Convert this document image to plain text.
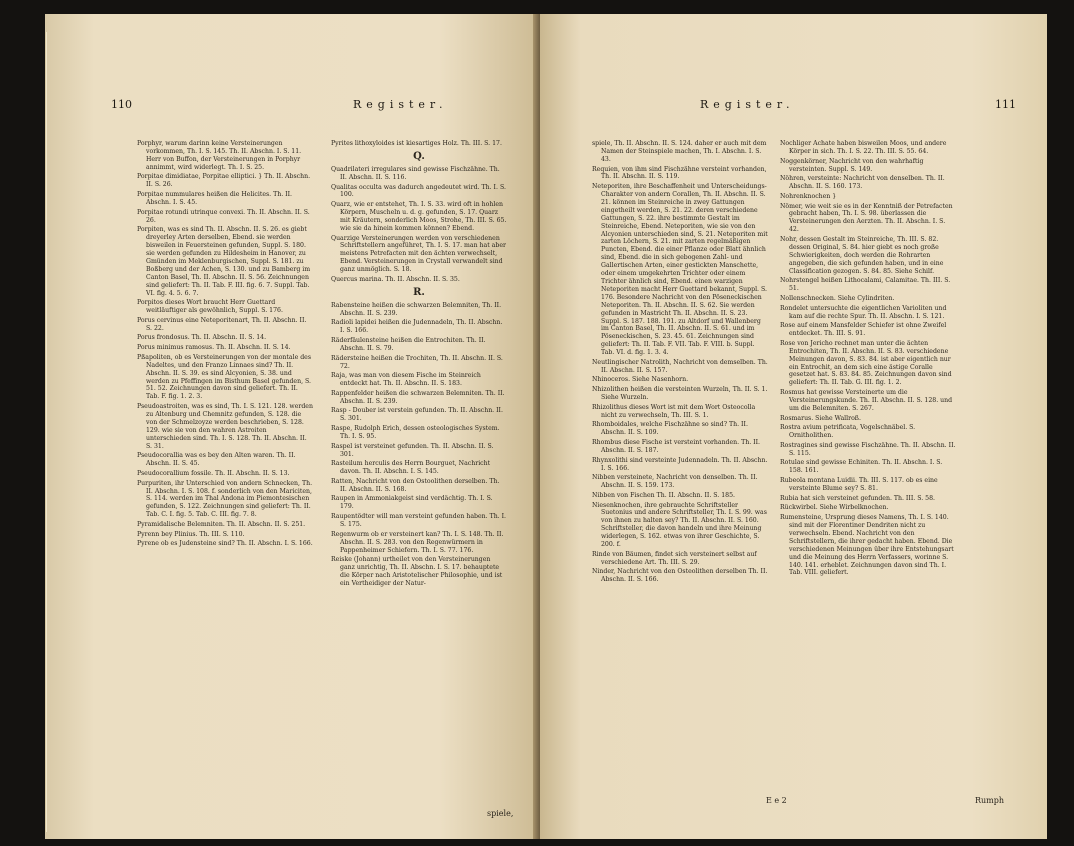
110	Register.
Porphyr, warum darinn keine Versteinerungen vorkommen, Th. I. S. 145. Th. II. Abschn. I. S. 11. Herr von Buffon, der Versteinerungen in Porphyr annimmt, wird widerlegt. Th. I. S. 25.
Porpitae dimidiatae, Porpitae elliptici. } Th. II. Abschn. II. S. 26.
Porpitae nummulares heißen die Helicites. Th. II. Abschn. I. S. 45.
Porpitae rotundi utrinque convexi. Th. II. Abschn. II. S. 26.
Porpiten, was es sind Th. II. Abschn. II. S. 26. es giebt dreyerley Arten derselben, Ebend. sie werden bisweilen in Feuersteinen gefunden, Suppl. S. 180. sie werden gefunden zu Hildesheim in Hanover, zu Gmünden im Meklenburgischen, Suppl. S. 181. zu Boßberg und der Achen, S. 130. und zu Bamberg im Canton Basel, Th. II. Abschn. II. S. 56. Zeichnungen sind geliefert: Th. II. Tab. F. III. fig. 6. 7. Suppl. Tab. VI. fig. 4. 5. 6. 7.
Porpitos dieses Wort braucht Herr Guettard weitläuftiger als gewöhnlich, Suppl. S. 176.
Porus cervinus eine Neteporitenart, Th. II. Abschn. II. S. 22.
Porus frondosus. Th. II. Abschn. II. S. 14.
Porus minimus ramosus. Th. II. Abschn. II. S. 14.
Pßapoliten, ob es Versteinerungen von der montale des Nadeltes, und den Franzo Linnaes sind? Th. II. Abschn. II. S. 39. es sind Alcyonien, S. 38. und werden zu Pfeffingen im Bisthum Basel gefunden, S. 51. 52. Zeichnungen davon sind geliefert. Th. II. Tab. F. fig. 1. 2. 3.
Pseudoastroiten, was es sind, Th. I. S. 121. 128. werden zu Altenburg und Chemnitz gefunden, S. 128. die von der Schmelzoyze werden beschrieben, S. 128. 129. wie sie von den wahren Astroiten unterschieden sind. Th. I. S. 128. Th. II. Abschn. II. S. 31.
Pseudocorallia was es bey den Alten waren. Th. II. Abschn. II. S. 45.
Pseudocorallium fossile. Th. II. Abschn. II. S. 13.
Purpuriten, ihr Unterschied von andern Schnecken, Th. II. Abschn. I. S. 108. f. sonderlich von den Mariciten, S. 114. werden im Thal Andona im Piemontesischen gefunden, S. 122. Zeichnungen sind geliefert: Th. II. Tab. C. I. fig. 5. Tab. C. III. fig. 7. 8.
Pyramidalische Belemniten. Th. II. Abschn. II. S. 251.
Pyrenn bey Plinius. Th. III. S. 110.
Pyrene ob es Judensteine sind? Th. II. Abschn. I. S. 166.
Pyrites lithoxyloides ist kiesartiges Holz. Th. III. S. 17.
Q.
Quadrilateri irregulares sind gewisse Fischzähne. Th. II. Abschn. II. S. 116.
Qualitas occulta was dadurch angedeutet wird. Th. I. S. 100.
Quarz, wie er entstehet, Th. I. S. 33. wird oft in hohlen Körpern, Muscheln u. d. g. gefunden, S. 17. Quarz mit Kräutern, sonderlich Moos, Strohe, Th. III. S. 65. wie sie da hinein kommen können? Ebend.
Quarzige Versteinerungen werden von verschiedenen Schriftstellern angeführet, Th. I. S. 17. man hat aber meistens Petrefacten mit den ächten verwechselt, Ebend. Versteinerungen in Crystall verwandelt sind ganz unmöglich. S. 18.
Quercus marina. Th. II. Abschn. II. S. 35.
R.
Rabensteine heißen die schwarzen Belemniten, Th. II. Abschn. II. S. 239.
Radioli lapidei heißen die Judennadeln, Th. II. Abschn. I. S. 166.
Räderfäulensteine heißen die Entrochiten. Th. II. Abschn. II. S. 79.
Rädersteine heißen die Trochiten, Th. II. Abschn. II. S. 72.
Raja, was man von diesem Fische im Steinreich entdeckt hat. Th. II. Abschn. II. S. 183.
Rappenfelder heißen die schwarzen Belemniten. Th. II. Abschn. II. S. 239.
Rasp - Douber ist verstein gefunden. Th. II. Abschn. II. S. 301.
Raspe, Rudolph Erich, dessen osteologisches System. Th. I. S. 95.
Raspel ist versteinet gefunden. Th. II. Abschn. II. S. 301.
Rasteilum herculis des Herrn Bourguet, Nachricht davon. Th. II. Abschn. I. S. 145.
Ratten, Nachricht von den Ostoolithen derselben. Th. II. Abschn. II. S. 168.
Raupen in Ammoniakgeist sind verdächtig. Th. I. S. 179.
Raupentödter will man versteint gefunden haben. Th. I. S. 175.
Regenwurm ob er versteinert kan? Th. I. S. 148. Th. II. Abschn. II. S. 283. von den Regenwürmern in Pappenheimer Schiefern. Th. I. S. 77. 176.
Reiske (Johann) urtheilet von den Versteinerungen ganz unrichtig, Th. II. Abschn. I. S. 17. behauptete die Körper nach Aristotelischer Philosophie, und ist ein Vertheidiger der Natur-
spiele,
Register.	111
spiele, Th. II. Abschn. II. S. 124. daher er auch mit dem Namen der Steinspiele machen, Th. I. Abschn. I. S. 43.
Requien, von ihm sind Fischzähne versteint vorhanden, Th. II. Abschn. II. S. 119.
Neteporiten, ihre Beschaffenheit und Unterscheidungs-Charakter von andern Corallen, Th. II. Abschn. II. S. 21. können im Steinreiche in zwey Gattungen eingetheilt werden, S. 21. 22. deren verschiedene Gattungen, S. 22. ihre bestimmte Gestalt im Steinreiche, Ebend. Neteporiten, wie sie von den Alcyonien unterschieden sind, S. 21. Neteporiten mit zarten Löchern, S. 21. mit zarten regelmäßigen Puncten, Ebend. die einer Pflanze oder Blatt ähnlich sind, Ebend. die in sich gebogenen Zahl- und Gallertischen Arten, einer gestickten Manschette, oder einem umgekehrten Trichter oder einem Trichter ähnlich sind, Ebend. einen warzigen Neteporiten macht Herr Guettard bekannt, Suppl. S. 176. Besondere Nachricht von den Pöseneckischen Neteporiten. Th. II. Abschn. II. S. 62. Sie werden gefunden in Mastricht Th. II. Abschn. II. S. 23. Suppl. S. 187. 188. 191. zu Altdorf und Wallenberg im Canton Basel, Th. II. Abschn. II. S. 61. und im Pöseneckischen, S. 23. 45. 61. Zeichnungen sind geliefert: Th. II. Tab. F. VII. Tab. F. VIII. b. Suppl. Tab. VI. d. fig. 1. 3. 4.
Neutlingischer Natrolith, Nachricht von demselben. Th. II. Abschn. II. S. 157.
Nhinoceros. Siehe Nasenhorn.
Nhizolithen heißen die versteinten Wurzeln, Th. II. S. 1. Siehe Wurzeln.
Rhizolithus dieses Wort ist mit dem Wort Osteocolla nicht zu verwechseln, Th. III. S. 1.
Rhomboidales, welche Fischzähne so sind? Th. II. Abschn. II. S. 109.
Rhombus diese Fische ist versteint vorhanden. Th. II. Abschn. II. S. 187.
Rhynxolithi sind versteinte Judennadeln. Th. II. Abschn. I. S. 166.
Nibben versteinete, Nachricht von denselben. Th. II. Abschn. II. S. 159. 173.
Nibben von Fischen Th. II. Abschn. II. S. 185.
Niesenknochen, ihre gebrauchte Schriftsteller Suetonius und andere Schriftsteller, Th. I. S. 99. was von ihnen zu halten sey? Th. II. Abschn. II. S. 160. Schriftsteller, die davon handeln und ihre Meinung widerlegen, S. 162. etwas von ihrer Geschichte, S. 200. f.
Rinde von Bäumen, findet sich versteinert selbst auf verschiedene Art. Th. III. S. 29.
Ninder, Nachricht von den Osteolithen derselben Th. II. Abschn. II. S. 166.
Nochliger Achate haben bisweilen Moos, und andere Körper in sich. Th. I. S. 22. Th. III. S. 55. 64.
Noggenkörner, Nachricht von den wahrhaftig versteinten. Suppl. S. 149.
Nöhren, versteinte: Nachricht von denselben. Th. II. Abschn. II. S. 160. 173.
Nohrenknochen }
Nömer, wie weit sie es in der Kenntniß der Petrefacten gebracht haben, Th. I. S. 98. überlassen die Versteinerungen den Aerzten. Th. II. Abschn. I. S. 42.
Nohr, dessen Gestalt im Steinreiche, Th. III. S. 82. dessen Original, S. 84. hier giebt es noch große Schwierigkeiten, doch werden die Rohrarten angegeben, die sich gefunden haben, und in eine Classification gezogen. S. 84. 85. Siehe Schilf.
Nohrstengel heißen Lithocalami, Calamitae. Th. III. S. 51.
Nollenschnecken. Siehe Cylindriten.
Rondelet untersuchte die eigentlichen Varioliten und kam auf die rechte Spur. Th. II. Abschn. I. S. 121.
Rose auf einem Mansfelder Schiefer ist ohne Zweifel entdecket. Th. III. S. 91.
Rose von Jericho rechnet man unter die ächten Entrochiten, Th. II. Abschn. II. S. 83. verschiedene Meinungen davon, S. 83. 84. ist aber eigentlich nur ein Entrochit, an dem sich eine ästige Coralle gesetzet hat. S. 83. 84. 85. Zeichnungen davon sind geliefert: Th. II. Tab. G. III. fig. 1. 2.
Rosmus hat gewisse Versteinerte um die Versteinerungskunde. Th. II. Abschn. II. S. 128. und um die Belemniten. S. 267.
Rosmarus. Siehe Wallroß.
Rostra avium petrificata, Vogelschnäbel. S. Ornitholithen.
Rostragines sind gewisse Fischzähne. Th. II. Abschn. II. S. 115.
Rotulae sind gewisse Echiniten. Th. II. Abschn. I. S. 158. 161.
Rubeola montana Luidii. Th. III. S. 117. ob es eine versteinte Blume sey? S. 81.
Rubia hat sich versteinet gefunden. Th. III. S. 58.
Rückwirbel. Siehe Wirbelknochen.
Rumensteine, Ursprung dieses Namens, Th. I. S. 140. sind mit der Florentiner Dendriten nicht zu verwechseln. Ebend. Nachricht von den Schriftstellern, die ihrer gedacht haben. Ebend. Die verschiedenen Meinungen über ihre Entstehungsart und die Meinung des Herrn Verfassers, worinne S. 140. 141. erheblet. Zeichnungen davon sind Th. I. Tab. VIII. geliefert.
E e 2	Rumph
